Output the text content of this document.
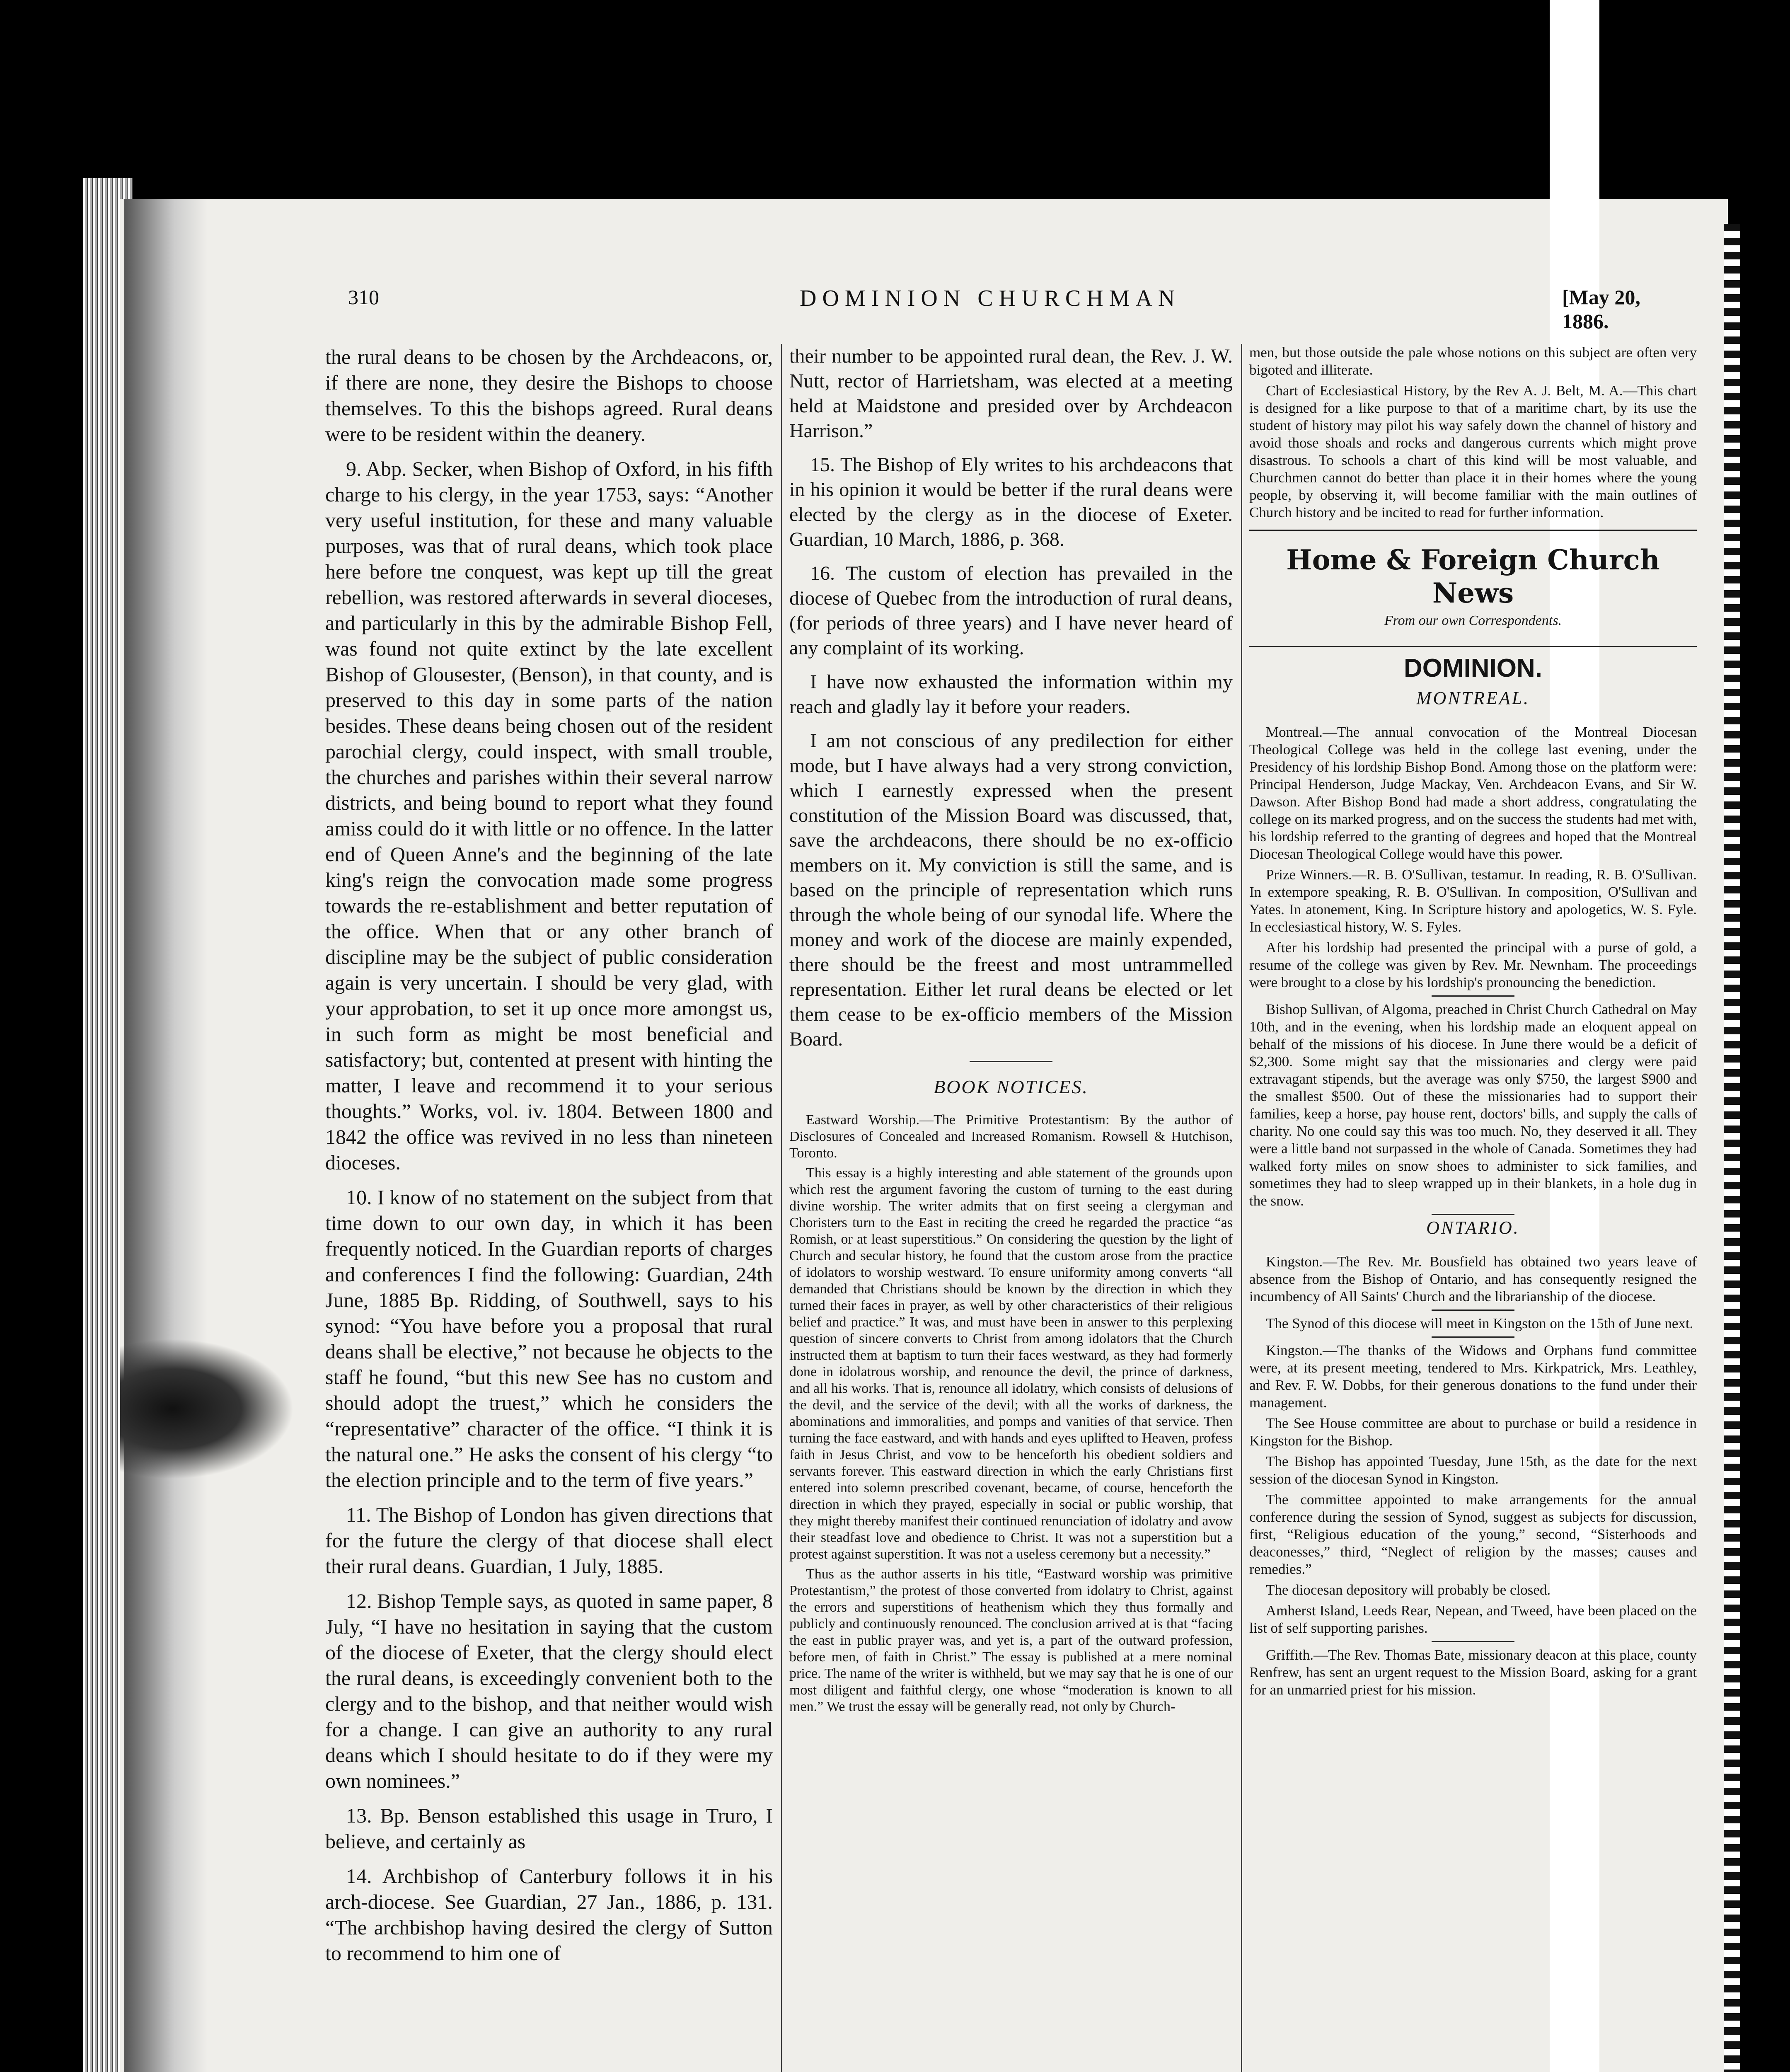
310	DOMINION CHURCHMAN	[May 20, 1886.

the rural deans to be chosen by the Archdeacons, or, if there are none, they desire the Bishops to choose themselves. To this the bishops agreed. Rural deans were to be resident within the deanery.

9. Abp. Secker, when Bishop of Oxford, in his fifth charge to his clergy, in the year 1753, says: “Another very useful institution, for these and many valuable purposes, was that of rural deans, which took place here before tne conquest, was kept up till the great rebellion, was restored afterwards in several dioceses, and particularly in this by the admirable Bishop Fell, was found not quite extinct by the late excellent Bishop of Glousester, (Benson), in that county, and is preserved to this day in some parts of the nation besides. These deans being chosen out of the resident parochial clergy, could inspect, with small trouble, the churches and parishes within their several narrow districts, and being bound to report what they found amiss could do it with little or no offence. In the latter end of Queen Anne's and the beginning of the late king's reign the convocation made some progress towards the re-establishment and better reputation of the office. When that or any other branch of discipline may be the subject of public consideration again is very uncertain. I should be very glad, with your approbation, to set it up once more amongst us, in such form as might be most beneficial and satisfactory; but, contented at present with hinting the matter, I leave and recommend it to your serious thoughts.” Works, vol. iv. 1804. Between 1800 and 1842 the office was revived in no less than nineteen dioceses.

10. I know of no statement on the subject from that time down to our own day, in which it has been frequently noticed. In the Guardian reports of charges and conferences I find the following: Guardian, 24th June, 1885 Bp. Ridding, of Southwell, says to his synod: “You have before you a proposal that rural deans shall be elective,” not because he objects to the staff he found, “but this new See has no custom and should adopt the truest,” which he considers the “representative” character of the office. “I think it is the natural one.” He asks the consent of his clergy “to the election principle and to the term of five years.”

11. The Bishop of London has given directions that for the future the clergy of that diocese shall elect their rural deans. Guardian, 1 July, 1885.

12. Bishop Temple says, as quoted in same paper, 8 July, “I have no hesitation in saying that the custom of the diocese of Exeter, that the clergy should elect the rural deans, is exceedingly convenient both to the clergy and to the bishop, and that neither would wish for a change. I can give an authority to any rural deans which I should hesitate to do if they were my own nominees.”

13. Bp. Benson established this usage in Truro, I believe, and certainly as

14. Archbishop of Canterbury follows it in his arch-diocese. See Guardian, 27 Jan., 1886, p. 131. “The archbishop having desired the clergy of Sutton to recommend to him one of

their number to be appointed rural dean, the Rev. J. W. Nutt, rector of Harrietsham, was elected at a meeting held at Maidstone and presided over by Archdeacon Harrison.”

15. The Bishop of Ely writes to his archdeacons that in his opinion it would be better if the rural deans were elected by the clergy as in the diocese of Exeter. Guardian, 10 March, 1886, p. 368.

16. The custom of election has prevailed in the diocese of Quebec from the introduction of rural deans, (for periods of three years) and I have never heard of any complaint of its working.

I have now exhausted the information within my reach and gladly lay it before your readers.

I am not conscious of any predilection for either mode, but I have always had a very strong conviction, which I earnestly expressed when the present constitution of the Mission Board was discussed, that, save the archdeacons, there should be no ex-officio members on it. My conviction is still the same, and is based on the principle of representation which runs through the whole being of our synodal life. Where the money and work of the diocese are mainly expended, there should be the freest and most untrammelled representation. Either let rural deans be elected or let them cease to be ex-officio members of the Mission Board.

BOOK NOTICES.

Eastward Worship.—The Primitive Protestantism: By the author of Disclosures of Concealed and Increased Romanism. Rowsell & Hutchison, Toronto.

This essay is a highly interesting and able statement of the grounds upon which rest the argument favoring the custom of turning to the east during divine worship. The writer admits that on first seeing a clergyman and Choristers turn to the East in reciting the creed he regarded the practice “as Romish, or at least superstitious.” On considering the question by the light of Church and secular history, he found that the custom arose from the practice of idolators to worship westward. To ensure uniformity among converts “all demanded that Christians should be known by the direction in which they turned their faces in prayer, as well by other characteristics of their religious belief and practice.” It was, and must have been in answer to this perplexing question of sincere converts to Christ from among idolators that the Church instructed them at baptism to turn their faces westward, as they had formerly done in idolatrous worship, and renounce the devil, the prince of darkness, and all his works. That is, renounce all idolatry, which consists of delusions of the devil, and the service of the devil; with all the works of darkness, the abominations and immoralities, and pomps and vanities of that service. Then turning the face eastward, and with hands and eyes uplifted to Heaven, profess faith in Jesus Christ, and vow to be henceforth his obedient soldiers and servants forever. This eastward direction in which the early Christians first entered into solemn prescribed covenant, became, of course, henceforth the direction in which they prayed, especially in social or public worship, that they might thereby manifest their continued renunciation of idolatry and avow their steadfast love and obedience to Christ. It was not a superstition but a protest against superstition. It was not a useless ceremony but a necessity.”

Thus as the author asserts in his title, “Eastward worship was primitive Protestantism,” the protest of those converted from idolatry to Christ, against the errors and superstitions of heathenism which they thus formally and publicly and continuously renounced. The conclusion arrived at is that “facing the east in public prayer was, and yet is, a part of the outward profession, before men, of faith in Christ.” The essay is published at a mere nominal price. The name of the writer is withheld, but we may say that he is one of our most diligent and faithful clergy, one whose “moderation is known to all men.” We trust the essay will be generally read, not only by Church-

men, but those outside the pale whose notions on this subject are often very bigoted and illiterate.

Chart of Ecclesiastical History, by the Rev A. J. Belt, M. A.—This chart is designed for a like purpose to that of a maritime chart, by its use the student of history may pilot his way safely down the channel of history and avoid those shoals and rocks and dangerous currents which might prove disastrous. To schools a chart of this kind will be most valuable, and Churchmen cannot do better than place it in their homes where the young people, by observing it, will become familiar with the main outlines of Church history and be incited to read for further information.

Home & Foreign Church News
From our own Correspondents.
DOMINION.
MONTREAL.

Montreal.—The annual convocation of the Montreal Diocesan Theological College was held in the college last evening, under the Presidency of his lordship Bishop Bond. Among those on the platform were: Principal Henderson, Judge Mackay, Ven. Archdeacon Evans, and Sir W. Dawson. After Bishop Bond had made a short address, congratulating the college on its marked progress, and on the success the students had met with, his lordship referred to the granting of degrees and hoped that the Montreal Diocesan Theological College would have this power.

Prize Winners.—R. B. O'Sullivan, testamur. In reading, R. B. O'Sullivan. In extempore speaking, R. B. O'Sullivan. In composition, O'Sullivan and Yates. In atonement, King. In Scripture history and apologetics, W. S. Fyle. In ecclesiastical history, W. S. Fyles.

After his lordship had presented the principal with a purse of gold, a resume of the college was given by Rev. Mr. Newnham. The proceedings were brought to a close by his lordship's pronouncing the benediction.

Bishop Sullivan, of Algoma, preached in Christ Church Cathedral on May 10th, and in the evening, when his lordship made an eloquent appeal on behalf of the missions of his diocese. In June there would be a deficit of $2,300. Some might say that the missionaries and clergy were paid extravagant stipends, but the average was only $750, the largest $900 and the smallest $500. Out of these the missionaries had to support their families, keep a horse, pay house rent, doctors' bills, and supply the calls of charity. No one could say this was too much. No, they deserved it all. They were a little band not surpassed in the whole of Canada. Sometimes they had walked forty miles on snow shoes to administer to sick families, and sometimes they had to sleep wrapped up in their blankets, in a hole dug in the snow.

ONTARIO.

Kingston.—The Rev. Mr. Bousfield has obtained two years leave of absence from the Bishop of Ontario, and has consequently resigned the incumbency of All Saints' Church and the librarianship of the diocese.

The Synod of this diocese will meet in Kingston on the 15th of June next.

Kingston.—The thanks of the Widows and Orphans fund committee were, at its present meeting, tendered to Mrs. Kirkpatrick, Mrs. Leathley, and Rev. F. W. Dobbs, for their generous donations to the fund under their management.

The See House committee are about to purchase or build a residence in Kingston for the Bishop.

The Bishop has appointed Tuesday, June 15th, as the date for the next session of the diocesan Synod in Kingston.

The committee appointed to make arrangements for the annual conference during the session of Synod, suggest as subjects for discussion, first, “Religious education of the young,” second, “Sisterhoods and deaconesses,” third, “Neglect of religion by the masses; causes and remedies.”

The diocesan depository will probably be closed.

Amherst Island, Leeds Rear, Nepean, and Tweed, have been placed on the list of self supporting parishes.

Griffith.—The Rev. Thomas Bate, missionary deacon at this place, county Renfrew, has sent an urgent request to the Mission Board, asking for a grant for an unmarried priest for his mission.
